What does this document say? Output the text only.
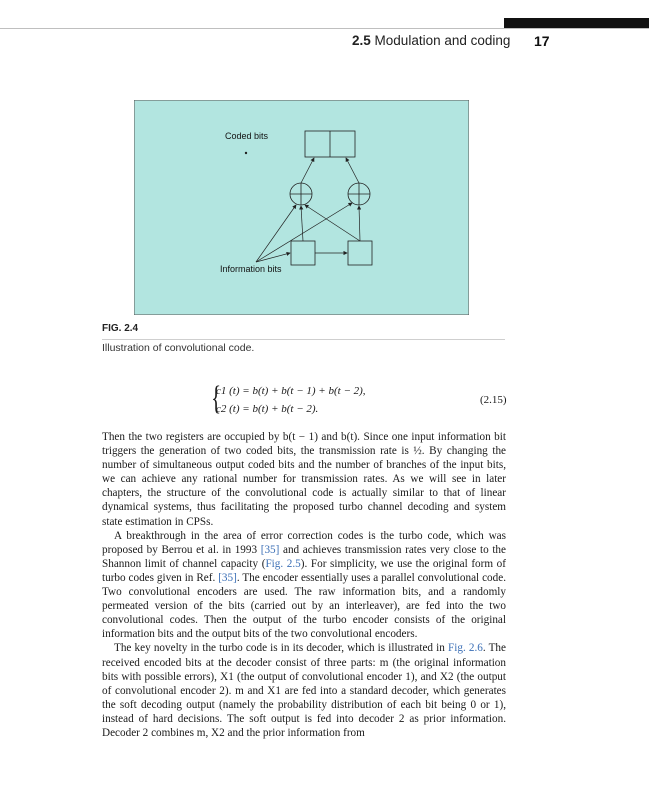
2.5 Modulation and coding 17
Coded bits
Information bits
FIG. 2.4
Illustration of convolutional code.
{
c1 (t) = b(t) + b(t − 1) + b(t − 2),
c2 (t) = b(t) + b(t − 2).
(2.15)

Then the two registers are occupied by b(t − 1) and b(t). Since one input information bit triggers the generation of two coded bits, the transmission rate is ½. By changing the number of simultaneous output coded bits and the number of branches of the input bits, we can achieve any rational number for transmission rates. As we will see in later chapters, the structure of the convolutional code is actually similar to that of linear dynamical systems, thus facilitating the proposed turbo channel decoding and system state estimation in CPSs.

A breakthrough in the area of error correction codes is the turbo code, which was proposed by Berrou et al. in 1993 [35] and achieves transmission rates very close to the Shannon limit of channel capacity (Fig. 2.5). For simplicity, we use the original form of turbo codes given in Ref. [35]. The encoder essentially uses a parallel convolutional code. Two convolutional encoders are used. The raw information bits, and a randomly permeated version of the bits (carried out by an interleaver), are fed into the two convolutional codes. Then the output of the turbo encoder consists of the original information bits and the output bits of the two convolutional encoders.

The key novelty in the turbo code is in its decoder, which is illustrated in Fig. 2.6. The received encoded bits at the decoder consist of three parts: m (the original information bits with possible errors), X1 (the output of convolutional encoder 1), and X2 (the output of convolutional encoder 2). m and X1 are fed into a standard decoder, which generates the soft decoding output (namely the probability distribution of each bit being 0 or 1), instead of hard decisions. The soft output is fed into decoder 2 as prior information. Decoder 2 combines m, X2 and the prior information from
